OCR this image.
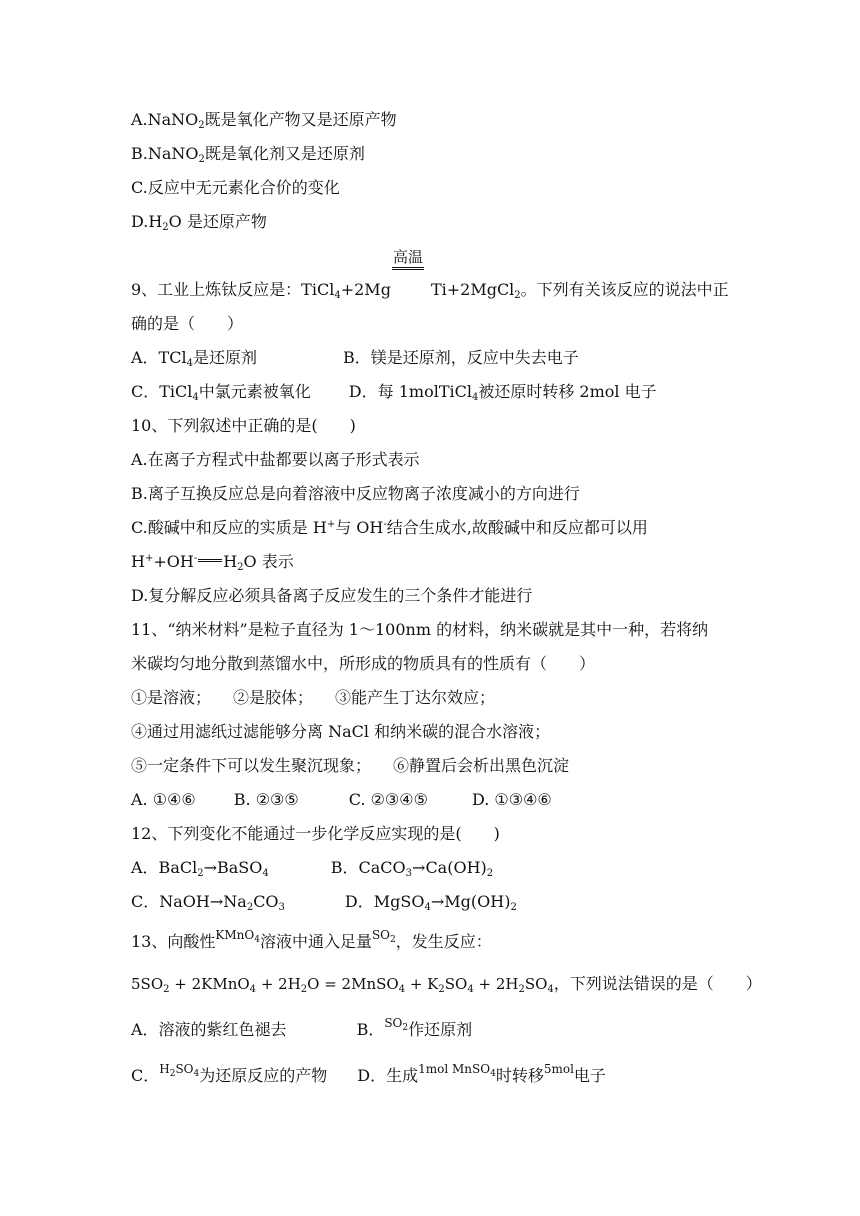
A.NaNO$_2$既是氧化产物又是还原产物
B.NaNO$_2$既是氧化剂又是还原剂
C.反应中无元素化合价的变化
$D.H_2O$ 是还原产物
高温
9、工业上炼钛反应是：TiCl$_4$+2Mg	Ti+2MgCl$_2$。下列有关该反应的说法中正
确的是（　　）
A．TCl$_4$是还原剂	B．镁是还原剂，反应中失去电子
C．TiCl$_4$中氯元素被氧化 D．每 1molTiCl$_4$被还原时转移 2mol 电子
10、下列叙述中正确的是(　　)
A.在离子方程式中盐都要以离子形式表示
B.离子互换反应总是向着溶液中反应物离子浓度减小的方向进行
C.酸碱中和反应的实质是 H+与 OH-结合生成水,故酸碱中和反应都可以用
H++OH- $H_2O$ 表示
D.复分解反应必须具备离子反应发生的三个条件才能进行
11、“纳米材料”是粒子直径为 1～100nm 的材料，纳米碳就是其中一种，若将纳
米碳均匀地分散到蒸馏水中，所形成的物质具有的性质有（　　）
①是溶液； ②是胶体； ③能产生丁达尔效应；
④通过用滤纸过滤能够分离 NaCl 和纳米碳的混合水溶液；
⑤一定条件下可以发生聚沉现象； ⑥静置后会析出黑色沉淀
A. ①④⑥ B. ②③⑤	C. ②③④⑤	D. ①③④⑥
12、下列变化不能通过一步化学反应实现的是(　　)
A．BaCl$_2$→BaSO$_4$	B．$CaCO_3\to Ca(OH)_2$
C．$NaOH\to Na_2CO_3$	D．$MgSO_4\to Mg(OH)_2$
13、向酸性$^{KMnO_4}$溶液中通入足量$^{SO_2}$，发生反应：
$5SO_2$ + 2KMnO$_4$ + $2H_2O$ = 2MnSO$_4$ + $K_2SO_4 + 2H_2SO_4$，下列说法错误的是（　　）
A．溶液的紫红色褪去	B．$^{SO_2}$作还原剂
C．$^{H_2SO_4}$为还原反应的产物 D．生成$^{1mol MnSO_4}$时转移$^{5mol}$电子
